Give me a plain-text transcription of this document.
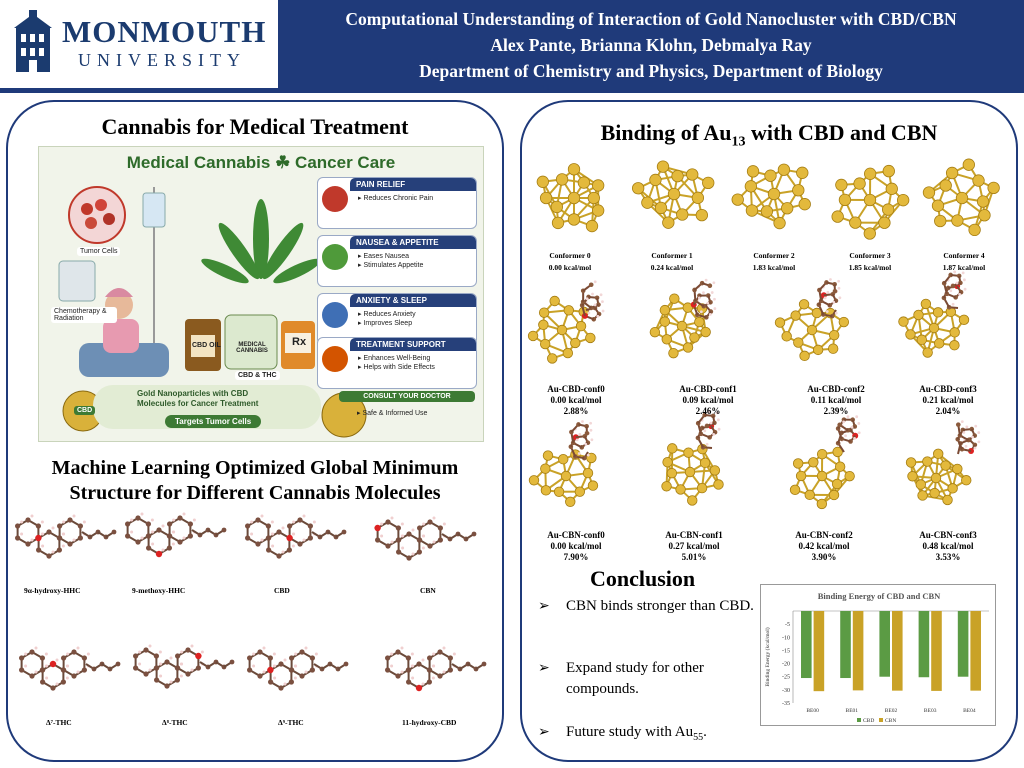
MONMOUTH
UNIVERSITY
Computational Understanding of Interaction of Gold Nanocluster with CBD/CBN
Alex Pante, Brianna Klohn, Debmalya Ray
Department of Chemistry and Physics, Department of Biology
Cannabis for Medical Treatment
Medical Cannabis ☘ Cancer Care
Tumor Cells
Chemotherapy & Radiation
CBD & THC
CBD OIL	MEDICAL CANNABIS
Rx
PAIN RELIEF
▸ Reduces Chronic Pain
NAUSEA & APPETITE
▸ Eases Nausea
▸ Stimulates Appetite
ANXIETY & SLEEP
▸ Reduces Anxiety
▸ Improves Sleep
TREATMENT SUPPORT
▸ Enhances Well-Being
▸ Helps with Side Effects
CBD
Gold Nanoparticles with CBD Molecules for Cancer Treatment
Targets Tumor Cells
CONSULT YOUR DOCTOR
▸ Safe & Informed Use
Machine Learning Optimized Global Minimum
Structure for Different Cannabis Molecules
9α-hydroxy-HHC	9-methoxy-HHC	CBD	CBN
Δ⁷-THC	Δ⁸-THC	Δ⁹-THC	11-hydroxy-CBD
Binding of $Au_{13}$ with CBD and CBN
Conformer 0
0.00 kcal/mol
Conformer 1
0.24 kcal/mol
Conformer 2
1.83 kcal/mol
Conformer 3
1.85 kcal/mol
Conformer 4
1.87 kcal/mol
Au-CBD-conf0
0.00 kcal/mol
2.88%
Au-CBD-conf1
0.09 kcal/mol
2.46%
Au-CBD-conf2
0.11 kcal/mol
2.39%
Au-CBD-conf3
0.21 kcal/mol
2.04%
Au-CBN-conf0
0.00 kcal/mol
7.90%
Au-CBN-conf1
0.27 kcal/mol
5.01%
Au-CBN-conf2
0.42 kcal/mol
3.90%
Au-CBN-conf3
0.48 kcal/mol
3.53%
Conclusion
➢ CBN binds stronger than CBD.
➢ Expand study for other compounds.
➢ Future study with $Au_{55}$.
Binding Energy of CBD and CBN
Binding Energy (kcal/mol)
-5
-10
-15
-20
-25
-30
-35
BE00	BE01	BE02	BE03	BE04
CBD CBN
